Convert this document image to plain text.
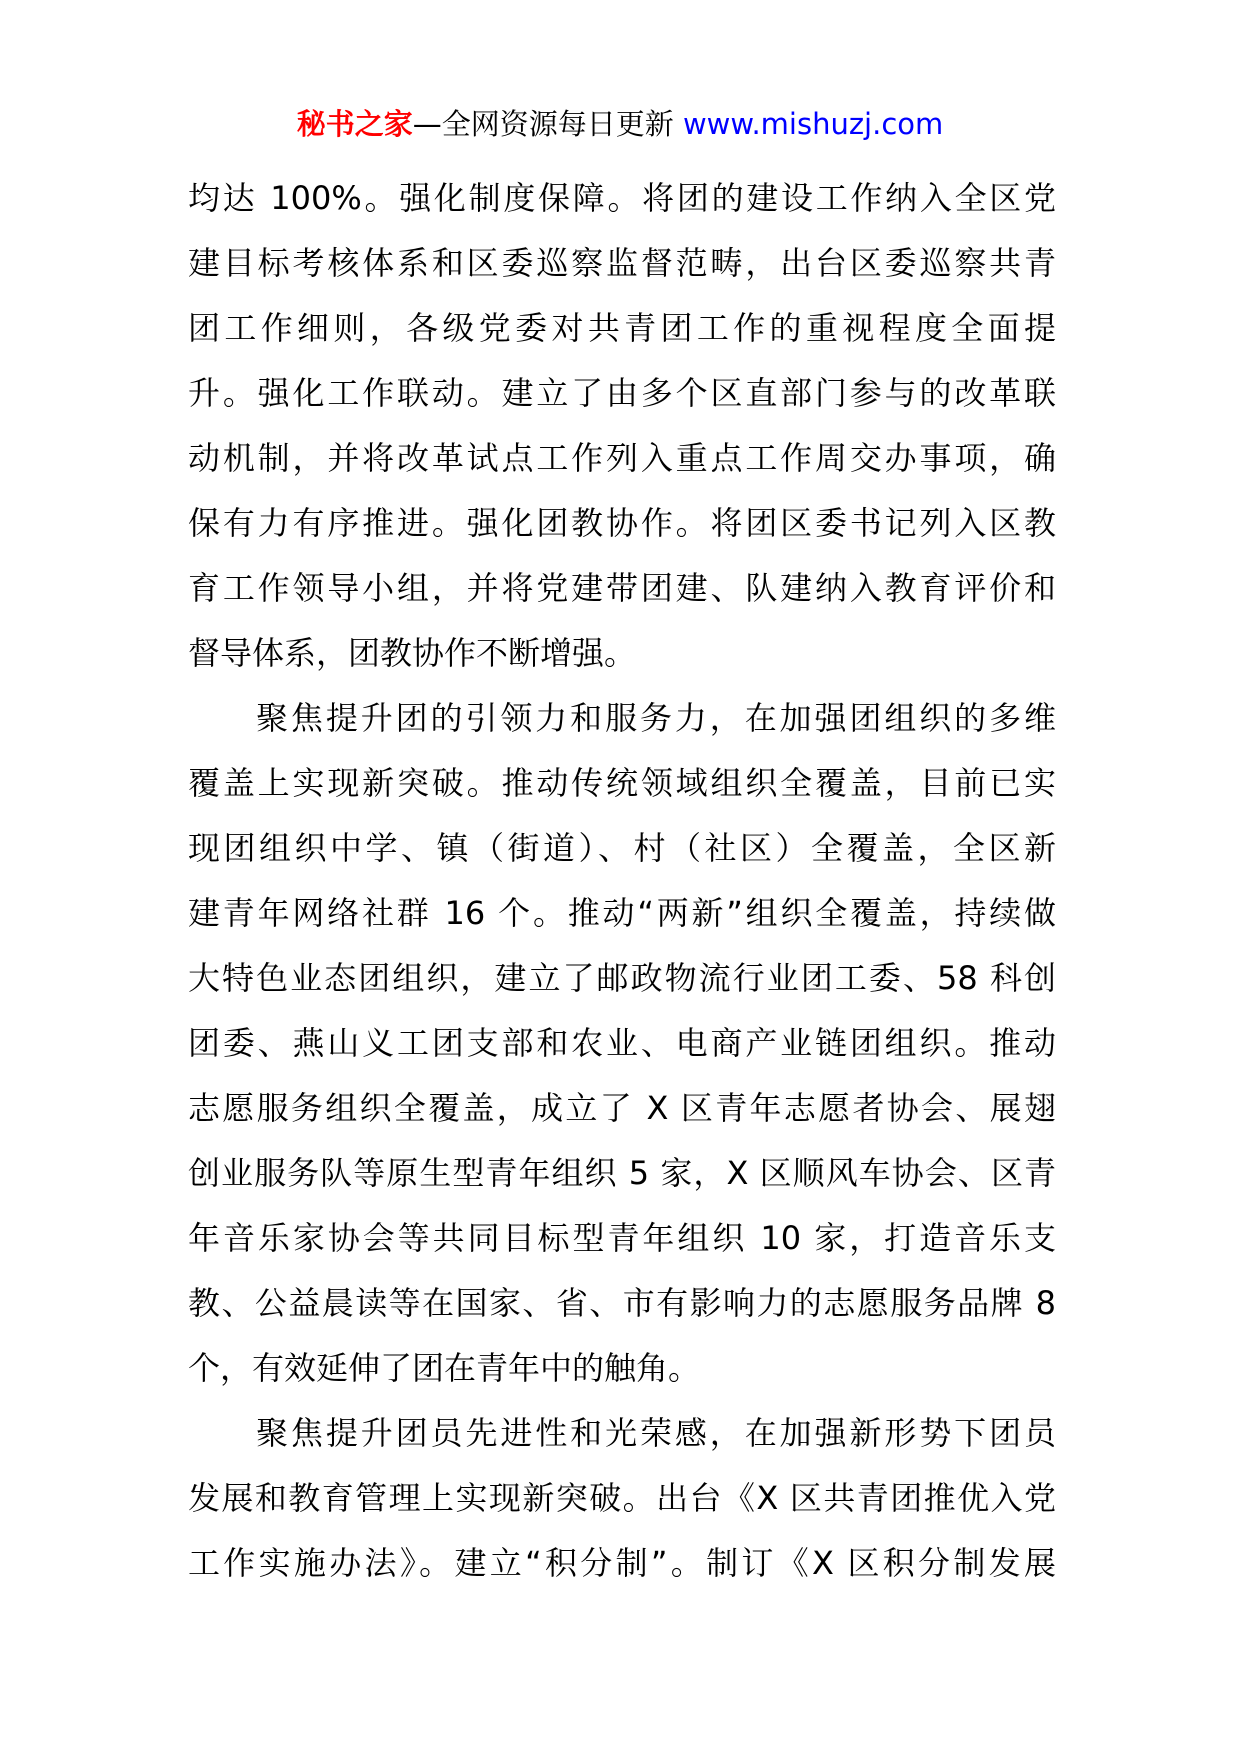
秘书之家—全网资源每日更新 www.mishuzj.com
均达 100%。强化制度保障。将团的建设工作纳入全区党
建目标考核体系和区委巡察监督范畴，出台区委巡察共青
团工作细则，各级党委对共青团工作的重视程度全面提
升。强化工作联动。建立了由多个区直部门参与的改革联
动机制，并将改革试点工作列入重点工作周交办事项，确
保有力有序推进。强化团教协作。将团区委书记列入区教
育工作领导小组，并将党建带团建、队建纳入教育评价和
督导体系，团教协作不断增强。
聚焦提升团的引领力和服务力，在加强团组织的多维
覆盖上实现新突破。推动传统领域组织全覆盖，目前已实
现团组织中学、镇（街道）、村（社区）全覆盖，全区新
建青年网络社群 16 个。推动“两新”组织全覆盖，持续做
大特色业态团组织，建立了邮政物流行业团工委、58 科创
团委、燕山义工团支部和农业、电商产业链团组织。推动
志愿服务组织全覆盖，成立了 X 区青年志愿者协会、展翅
创业服务队等原生型青年组织 5 家，X 区顺风车协会、区青
年音乐家协会等共同目标型青年组织 10 家，打造音乐支
教、公益晨读等在国家、省、市有影响力的志愿服务品牌 8
个，有效延伸了团在青年中的触角。
聚焦提升团员先进性和光荣感，在加强新形势下团员
发展和教育管理上实现新突破。出台《X 区共青团推优入党
工作实施办法》。建立“积分制”。制订《X 区积分制发展
